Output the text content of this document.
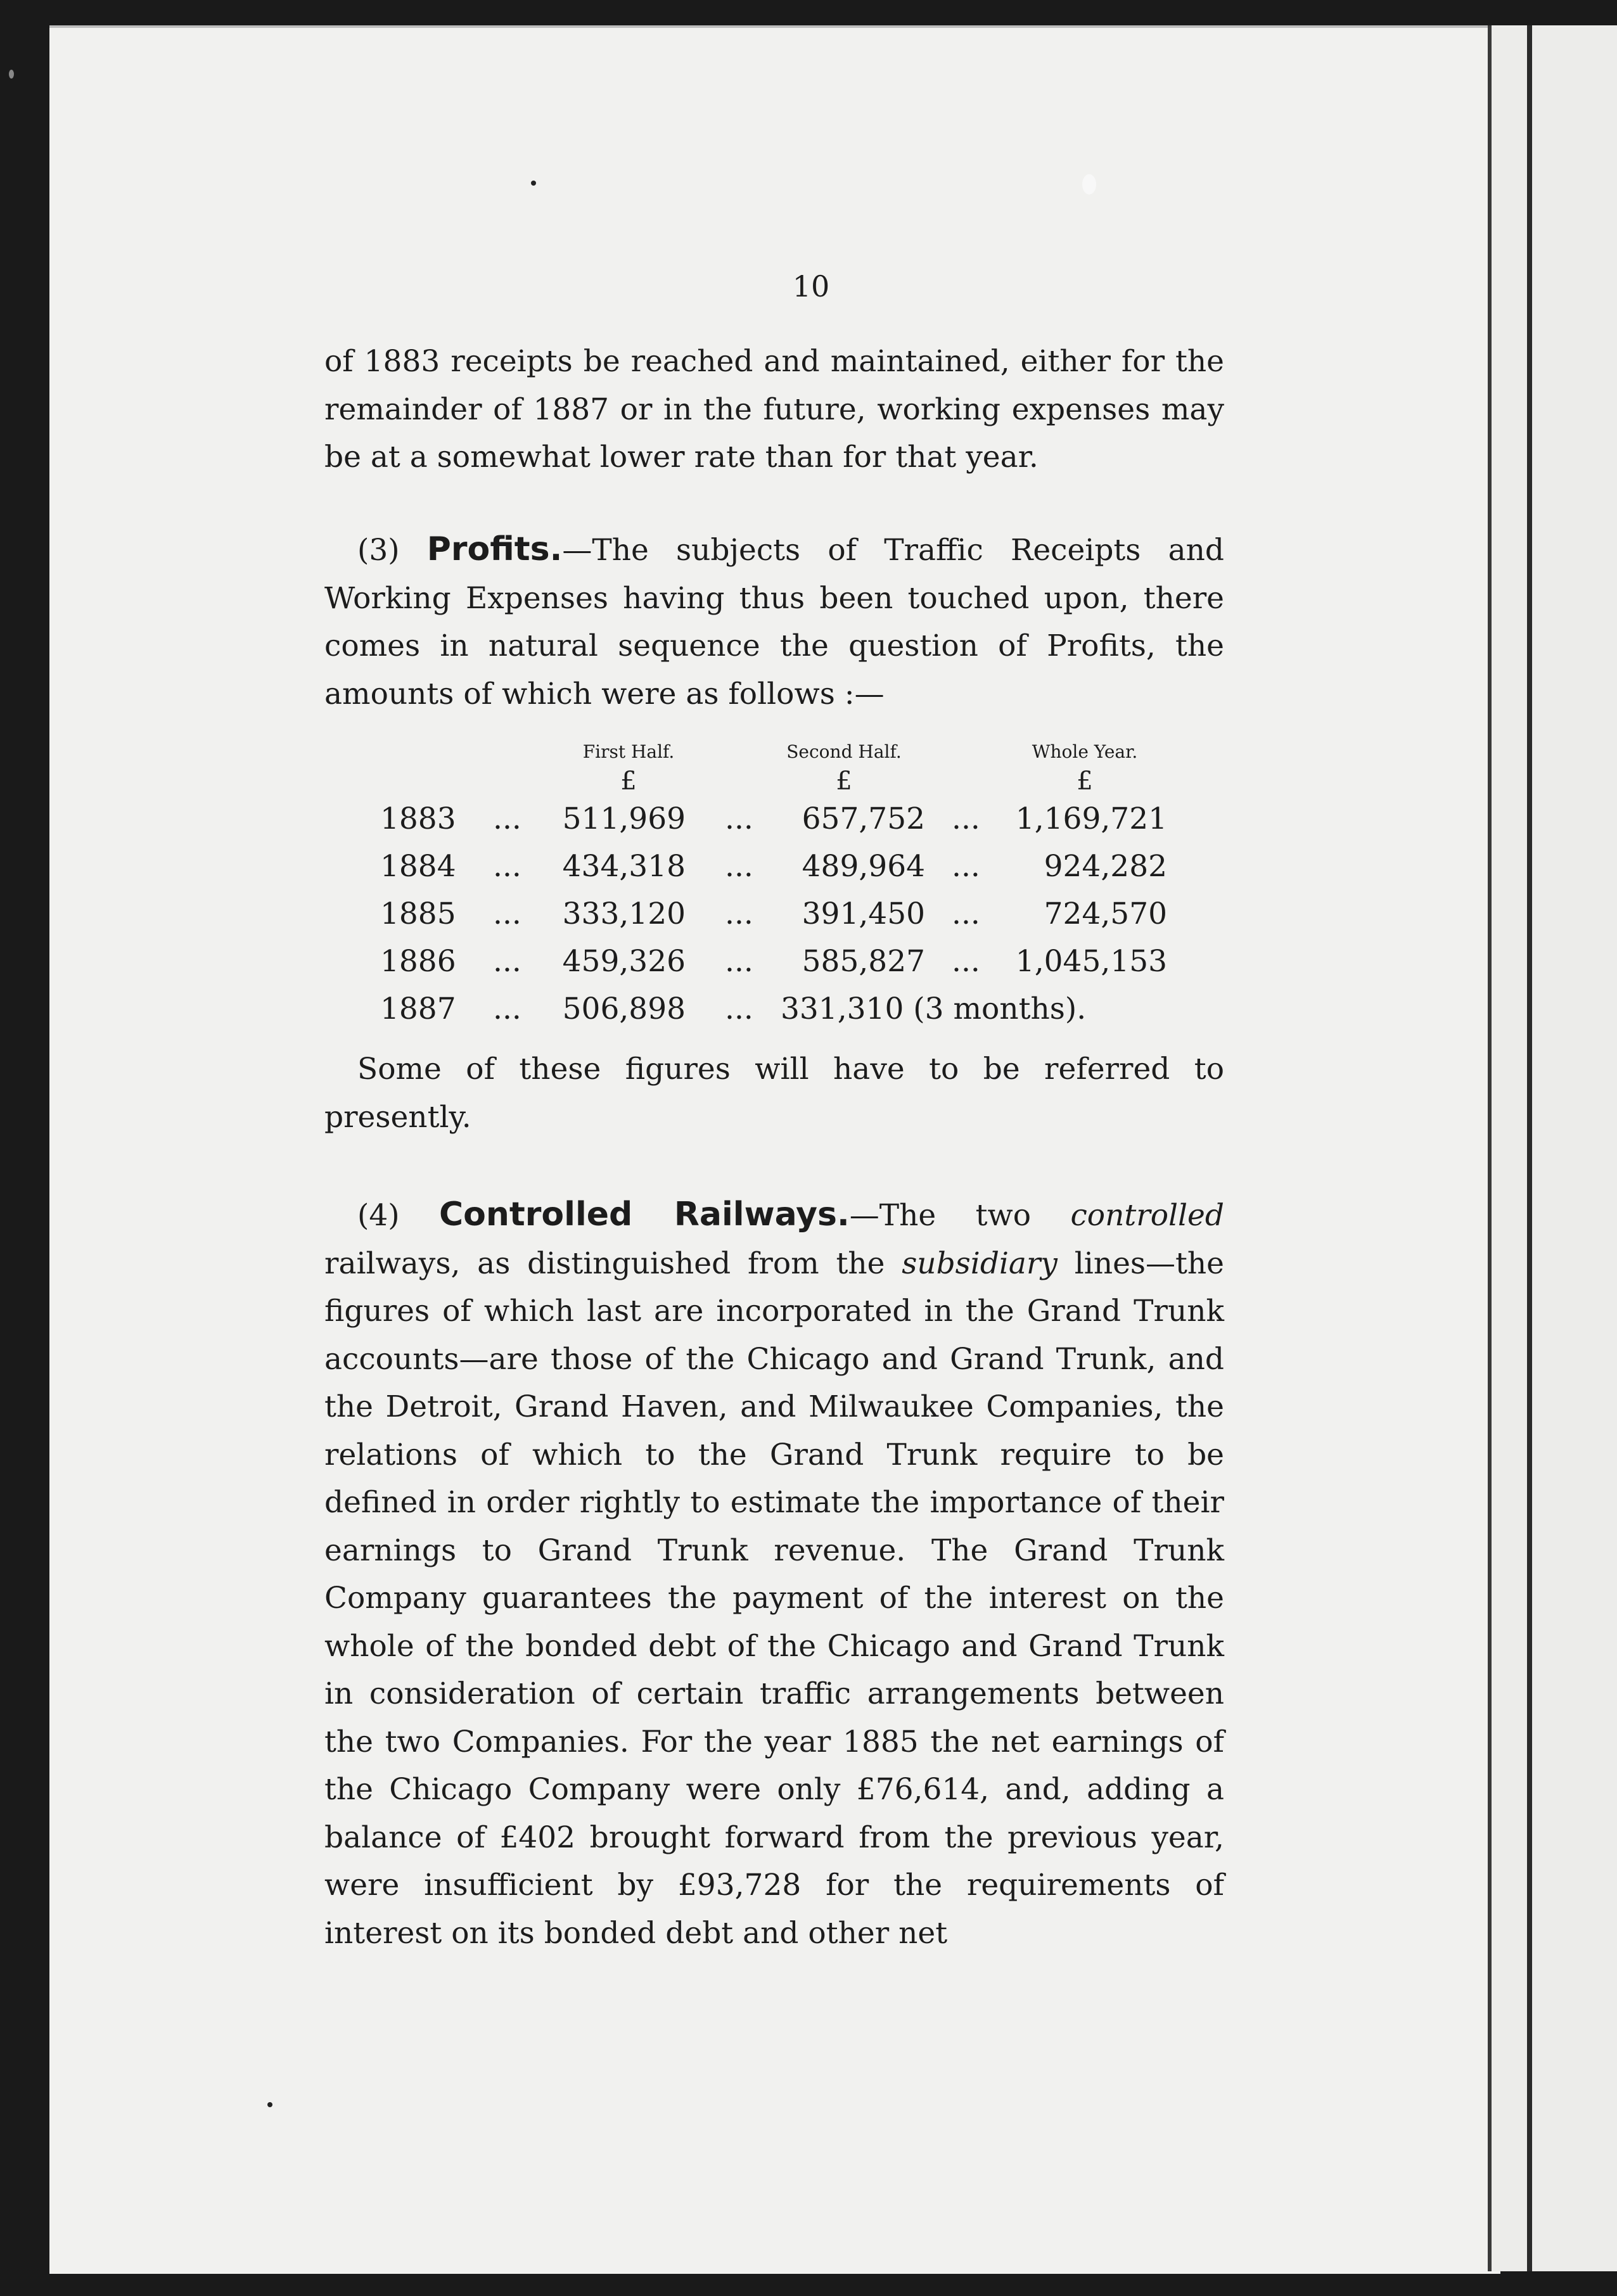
10

of 1883 receipts be reached and maintained, either for the remainder of 1887 or in the future, working expenses may be at a somewhat lower rate than for that year.

(3) Profits.—The subjects of Traffic Receipts and Working Expenses having thus been touched upon, there comes in natural sequence the question of Profits, the amounts of which were as follows :—

First Half.	Second Half.	Whole Year.
£	£	£
1883 ... 511,969 ...	657,752 ...	1,169,721
1884 ... 434,318 ...	489,964 ...	924,282
1885 ... 333,120 ...	391,450 ...	724,570
1886 ... 459,326 ...	585,827 ...	1,045,153
1887 ... 506,898 ... 331,310 (3 months).

Some of these figures will have to be referred to presently.

(4) Controlled Railways.—The two controlled railways, as distinguished from the subsidiary lines—the figures of which last are incorporated in the Grand Trunk accounts—are those of the Chicago and Grand Trunk, and the Detroit, Grand Haven, and Milwaukee Companies, the relations of which to the Grand Trunk require to be defined in order rightly to estimate the importance of their earnings to Grand Trunk revenue. The Grand Trunk Company guarantees the payment of the interest on the whole of the bonded debt of the Chicago and Grand Trunk in consideration of certain traffic arrangements between the two Companies. For the year 1885 the net earnings of the Chicago Company were only £76,614, and, adding a balance of £402 brought forward from the previous year, were insufficient by £93,728 for the requirements of interest on its bonded debt and other net
